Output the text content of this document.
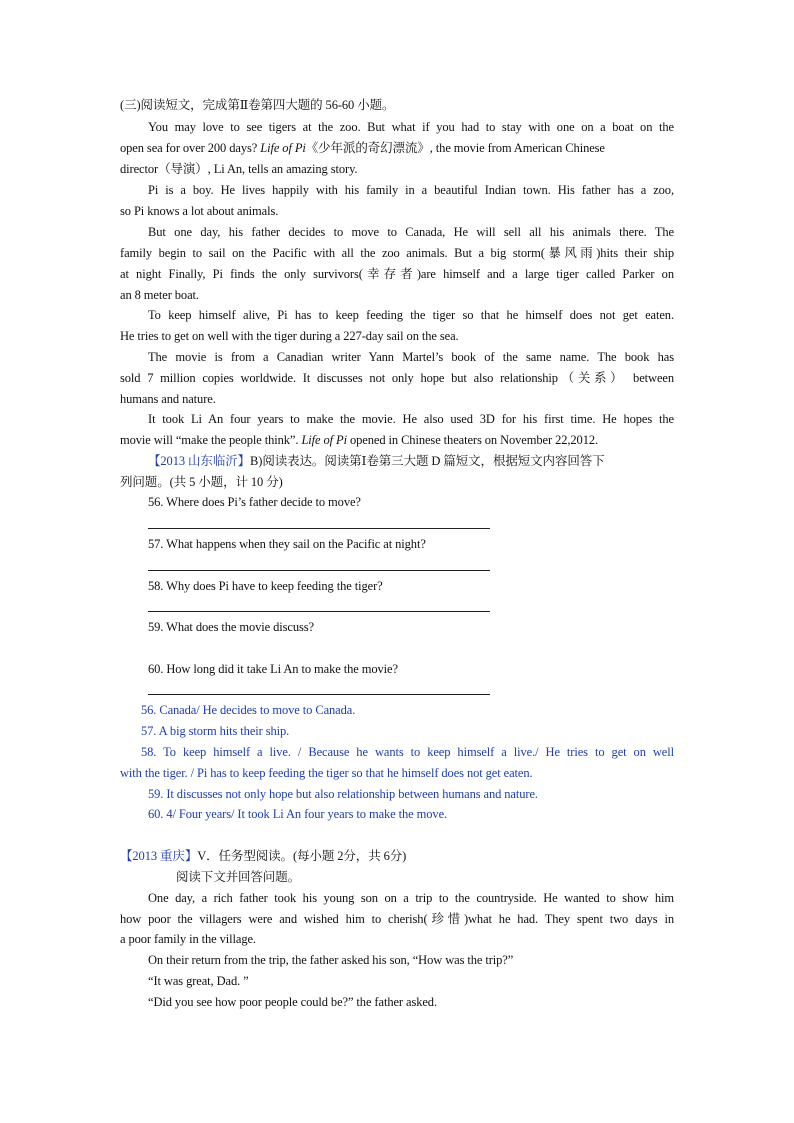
(三)阅读短文，完成第Ⅱ卷第四大题的 56-60 小题。
You may love to see tigers at the zoo. But what if you had to stay with one on a boat on the
open sea for over 200 days? Life of Pi《少年派的奇幻漂流》, the movie from American Chinese
director（导演）, Li An, tells an amazing story.
Pi is a boy. He lives happily with his family in a beautiful Indian town. His father has a zoo,
so Pi knows a lot about animals.
But one day, his father decides to move to Canada, He will sell all his animals there. The
family begin to sail on the Pacific with all the zoo animals. But a big storm(暴风雨)hits their ship
at night Finally, Pi finds the only survivors(幸存者)are himself and a large tiger called Parker on
an 8 meter boat.
To keep himself alive, Pi has to keep feeding the tiger so that he himself does not get eaten.
He tries to get on well with the tiger during a 227-day sail on the sea.
The movie is from a Canadian writer Yann Martel’s book of the same name. The book has
sold 7 million copies worldwide. It discusses not only hope but also relationship（关系） between
humans and nature.
It took Li An four years to make the movie. He also used 3D for his first time. He hopes the
movie will “make the people think”. Life of Pi opened in Chinese theaters on November 22,2012.
【2013 山东临沂】B)阅读表达。阅读第Ⅰ卷第三大题 D 篇短文，根据短文内容回答下
列问题。(共 5 小题，计 10 分)
56. Where does Pi’s father decide to move?
57. What happens when they sail on the Pacific at night?
58. Why does Pi have to keep feeding the tiger?
59. What does the movie discuss?
60. How long did it take Li An to make the movie?
56. Canada/ He decides to move to Canada.
57. A big storm hits their ship.
58. To keep himself a live. / Because he wants to keep himself a live./ He tries to get on well
with the tiger. / Pi has to keep feeding the tiger so that he himself does not get eaten.
59. It discusses not only hope but also relationship between humans and nature.
60. 4/ Four years/ It took Li An four years to make the move.
【2013 重庆】V．任务型阅读。(每小题 2分，共 6分)
阅读下文并回答问题。
One day, a rich father took his young son on a trip to the countryside. He wanted to show him
how poor the villagers were and wished him to cherish(珍惜)what he had. They spent two days in
a poor family in the village.
On their return from the trip, the father asked his son, “How was the trip?”
“It was great, Dad. ”
“Did you see how poor people could be?” the father asked.
